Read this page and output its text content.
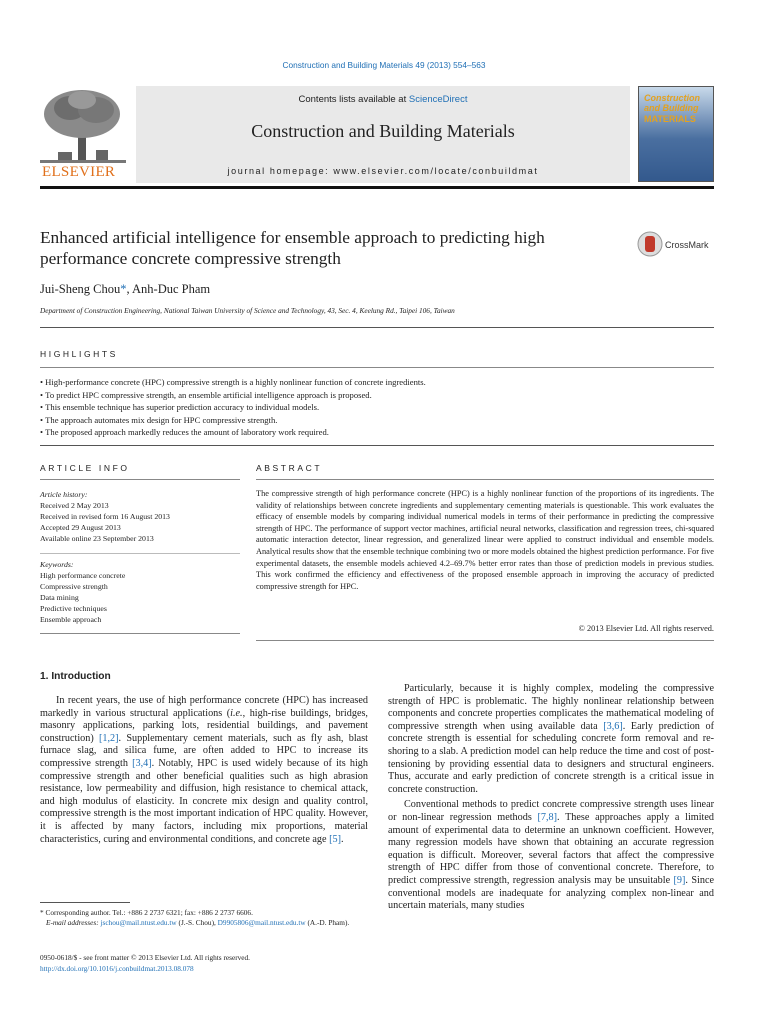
Construction and Building Materials 49 (2013) 554–563
ELSEVIER
Contents lists available at ScienceDirect
Construction and Building Materials
journal homepage: www.elsevier.com/locate/conbuildmat
Construction
and Building
MATERIALS
Enhanced artificial intelligence for ensemble approach to predicting high performance concrete compressive strength
CrossMark
Jui-Sheng Chou*, Anh-Duc Pham
Department of Construction Engineering, National Taiwan University of Science and Technology, 43, Sec. 4, Keelung Rd., Taipei 106, Taiwan
HIGHLIGHTS
• High-performance concrete (HPC) compressive strength is a highly nonlinear function of concrete ingredients.
• To predict HPC compressive strength, an ensemble artificial intelligence approach is proposed.
• This ensemble technique has superior prediction accuracy to individual models.
• The approach automates mix design for HPC compressive strength.
• The proposed approach markedly reduces the amount of laboratory work required.
ARTICLE INFO	ABSTRACT
Article history:
Received 2 May 2013
Received in revised form 16 August 2013
Accepted 29 August 2013
Available online 23 September 2013
Keywords:
High performance concrete
Compressive strength
Data mining
Predictive techniques
Ensemble approach
The compressive strength of high performance concrete (HPC) is a highly nonlinear function of the proportions of its ingredients. The validity of relationships between concrete ingredients and supplementary cementing materials is questionable. This work evaluates the efficacy of ensemble models by comparing individual numerical models in terms of their performance in predicting the compressive strength of HPC. The performance of support vector machines, artificial neural networks, classification and regression trees, chi-squared automatic interaction detector, linear regression, and generalized linear were applied to construct individual and ensemble models. Analytical results show that the ensemble technique combining two or more models obtained the highest prediction performance. For five experimental datasets, the ensemble models achieved 4.2–69.7% better error rates than those of prediction models in previous studies. This work confirmed the efficiency and effectiveness of the proposed ensemble approach in improving the accuracy of predicted compressive strength for HPC.
© 2013 Elsevier Ltd. All rights reserved.
1. Introduction

In recent years, the use of high performance concrete (HPC) has increased markedly in various structural applications (i.e., high-rise buildings, bridges, masonry applications, parking lots, residential buildings, and pavement construction) [1,2]. Supplementary cement materials, such as fly ash, blast furnace slag, and silica fume, are often added to HPC to increase its compressive strength [3,4]. Notably, HPC is used widely because of its high compressive strength and other beneficial qualities such as high abrasion resistance, low permeability and diffusion, high resistance to chemical attack, and high modulus of elasticity. In concrete mix design and quality control, compressive strength is the most important indication of HPC quality. However, it is affected by many factors, including mix proportions, material characteristics, curing and environmental conditions, and concrete age [5].

Particularly, because it is highly complex, modeling the compressive strength of HPC is problematic. The highly nonlinear relationship between components and concrete properties complicates the mathematical modeling of compressive strength when using available data [3,6]. Early prediction of concrete strength is essential for scheduling concrete form removal and re-shoring to a slab. A prediction model can help reduce the time and cost of post-tensioning by providing essential data to designers and structural engineers. Thus, accurate and early prediction of concrete strength is a critical issue in concrete construction.

Conventional methods to predict concrete compressive strength uses linear or non-linear regression methods [7,8]. These approaches apply a limited amount of experimental data to determine an unknown coefficient. However, many regression models have shown that obtaining an accurate regression equation is difficult. Moreover, several factors that affect the compressive strength of HPC differ from those of conventional concrete. Therefore, to predict compressive strength, regression analysis may be unsuitable [9]. Since conventional models are inadequate for analyzing complex non-linear and uncertain materials, many studies

* Corresponding author. Tel.: +886 2 2737 6321; fax: +886 2 2737 6606.
E-mail addresses: jschou@mail.ntust.edu.tw (J.-S. Chou), D9905806@mail.ntust.edu.tw (A.-D. Pham).
0950-0618/$ - see front matter © 2013 Elsevier Ltd. All rights reserved.
http://dx.doi.org/10.1016/j.conbuildmat.2013.08.078
